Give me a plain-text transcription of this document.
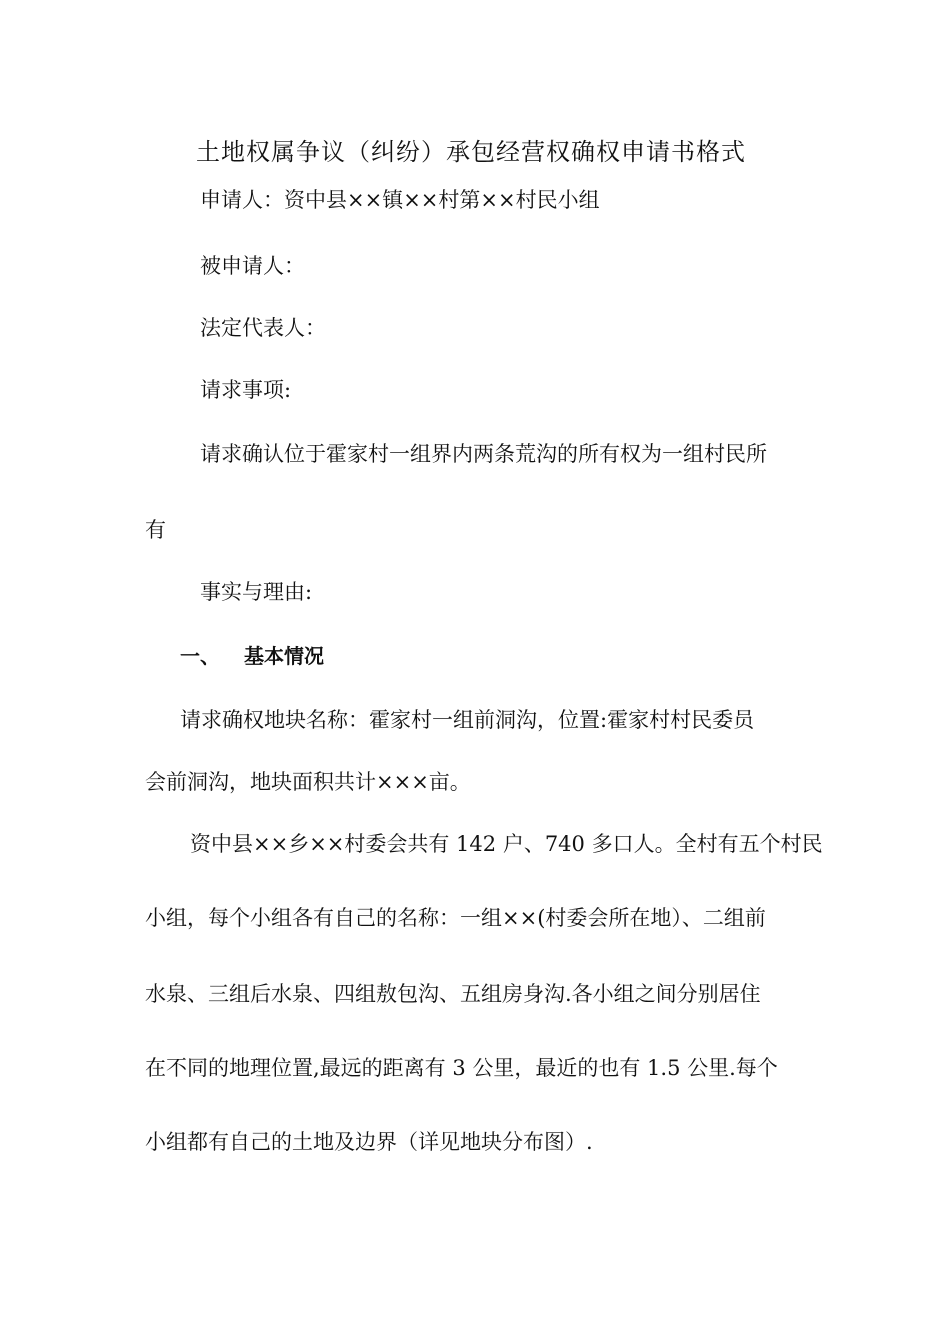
土地权属争议（纠纷）承包经营权确权申请书格式
申请人：资中县××镇××村第××村民小组
被申请人：
法定代表人：
请求事项:
请求确认位于霍家村一组界内两条荒沟的所有权为一组村民所
有
事实与理由:
一、 基本情况
请求确权地块名称：霍家村一组前洞沟，位置:霍家村村民委员
会前洞沟，地块面积共计×××亩。
资中县××乡××村委会共有 142 户、740 多口人。全村有五个村民
小组，每个小组各有自己的名称：一组××(村委会所在地）、二组前
水泉、三组后水泉、四组敖包沟、五组房身沟.各小组之间分别居住
在不同的地理位置,最远的距离有 3 公里，最近的也有 1.5 公里.每个
小组都有自己的土地及边界（详见地块分布图）.
